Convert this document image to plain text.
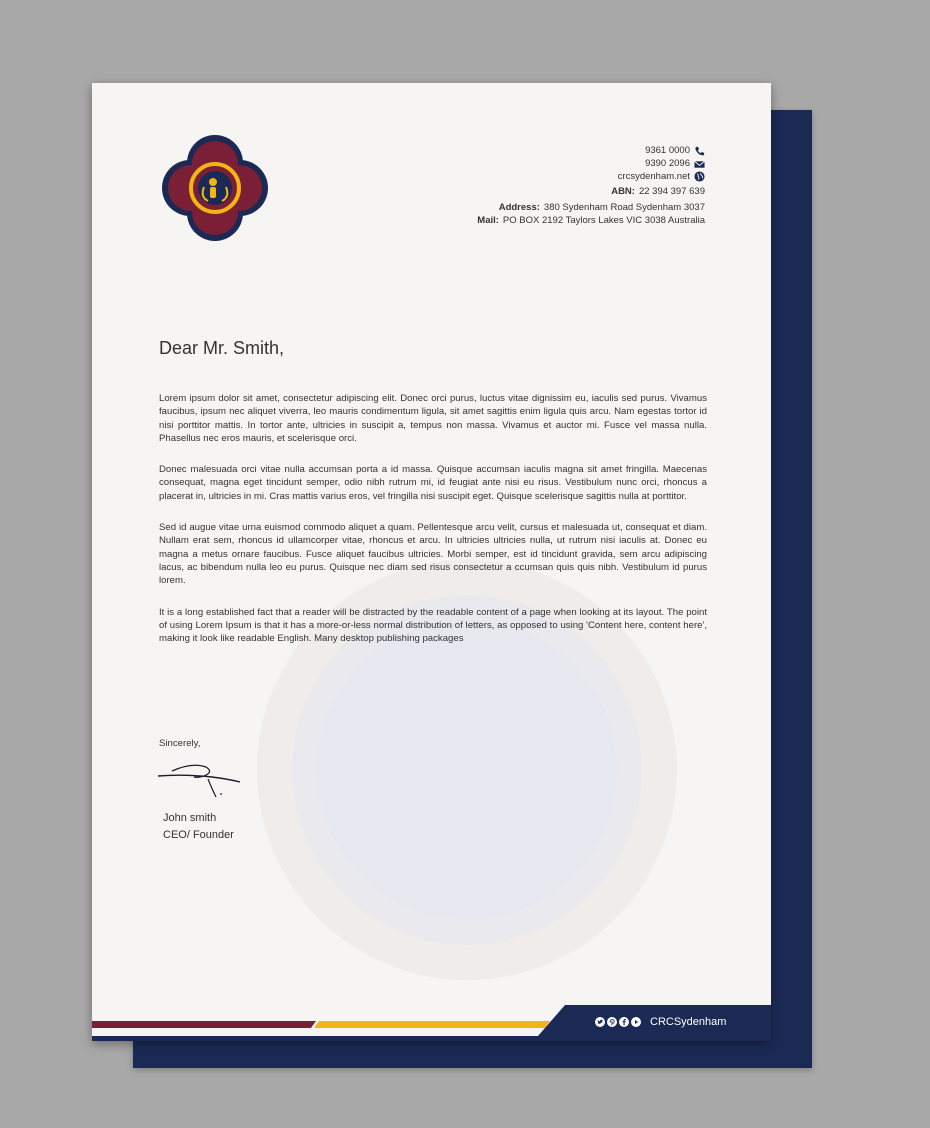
9361 0000
9390 2096
crcsydenham.net
ABN: 22 394 397 639
Address: 380 Sydenham Road Sydenham 3037
Mail: PO BOX 2192 Taylors Lakes VIC 3038 Australia
Dear Mr. Smith,

Lorem ipsum dolor sit amet, consectetur adipiscing elit. Donec orci purus, luctus vitae dignissim eu, iaculis sed purus. Vivamus faucibus, ipsum nec aliquet viverra, leo mauris condimentum ligula, sit amet sagittis enim ligula quis arcu. Nam egestas tortor id nisi porttitor mattis. In tortor ante, ultricies in suscipit a, tempus non massa. Vivamus et auctor mi. Fusce vel massa nulla. Phasellus nec eros mauris, et scelerisque orci.

Donec malesuada orci vitae nulla accumsan porta a id massa. Quisque accumsan iaculis magna sit amet fringilla. Maecenas consequat, magna eget tincidunt semper, odio nibh rutrum mi, id feugiat ante nisi eu risus. Vestibulum nunc orci, rhoncus a placerat in, ultricies in mi. Cras mattis varius eros, vel fringilla nisi suscipit eget. Quisque scelerisque sagittis nulla at porttitor.

Sed id augue vitae urna euismod commodo aliquet a quam. Pellentesque arcu velit, cursus et malesuada ut, consequat et diam. Nullam erat sem, rhoncus id ullamcorper vitae, rhoncus et arcu. In ultricies ultricies nulla, ut rutrum nisi iaculis at. Donec eu magna a metus ornare faucibus. Fusce aliquet faucibus ultricies. Morbi semper, est id tincidunt gravida, sem arcu adipiscing lacus, ac bibendum nulla leo eu purus. Quisque nec diam sed risus consectetur a ccumsan quis quis nibh. Vestibulum id purus lorem.

It is a long established fact that a reader will be distracted by the readable content of a page when looking at its layout. The point of using Lorem Ipsum is that it has a more-or-less normal distribution of letters, as opposed to using 'Content here, content here', making it look like readable English. Many desktop publishing packages

Sincerely,
John smith
CEO/ Founder
CRCSydenham
